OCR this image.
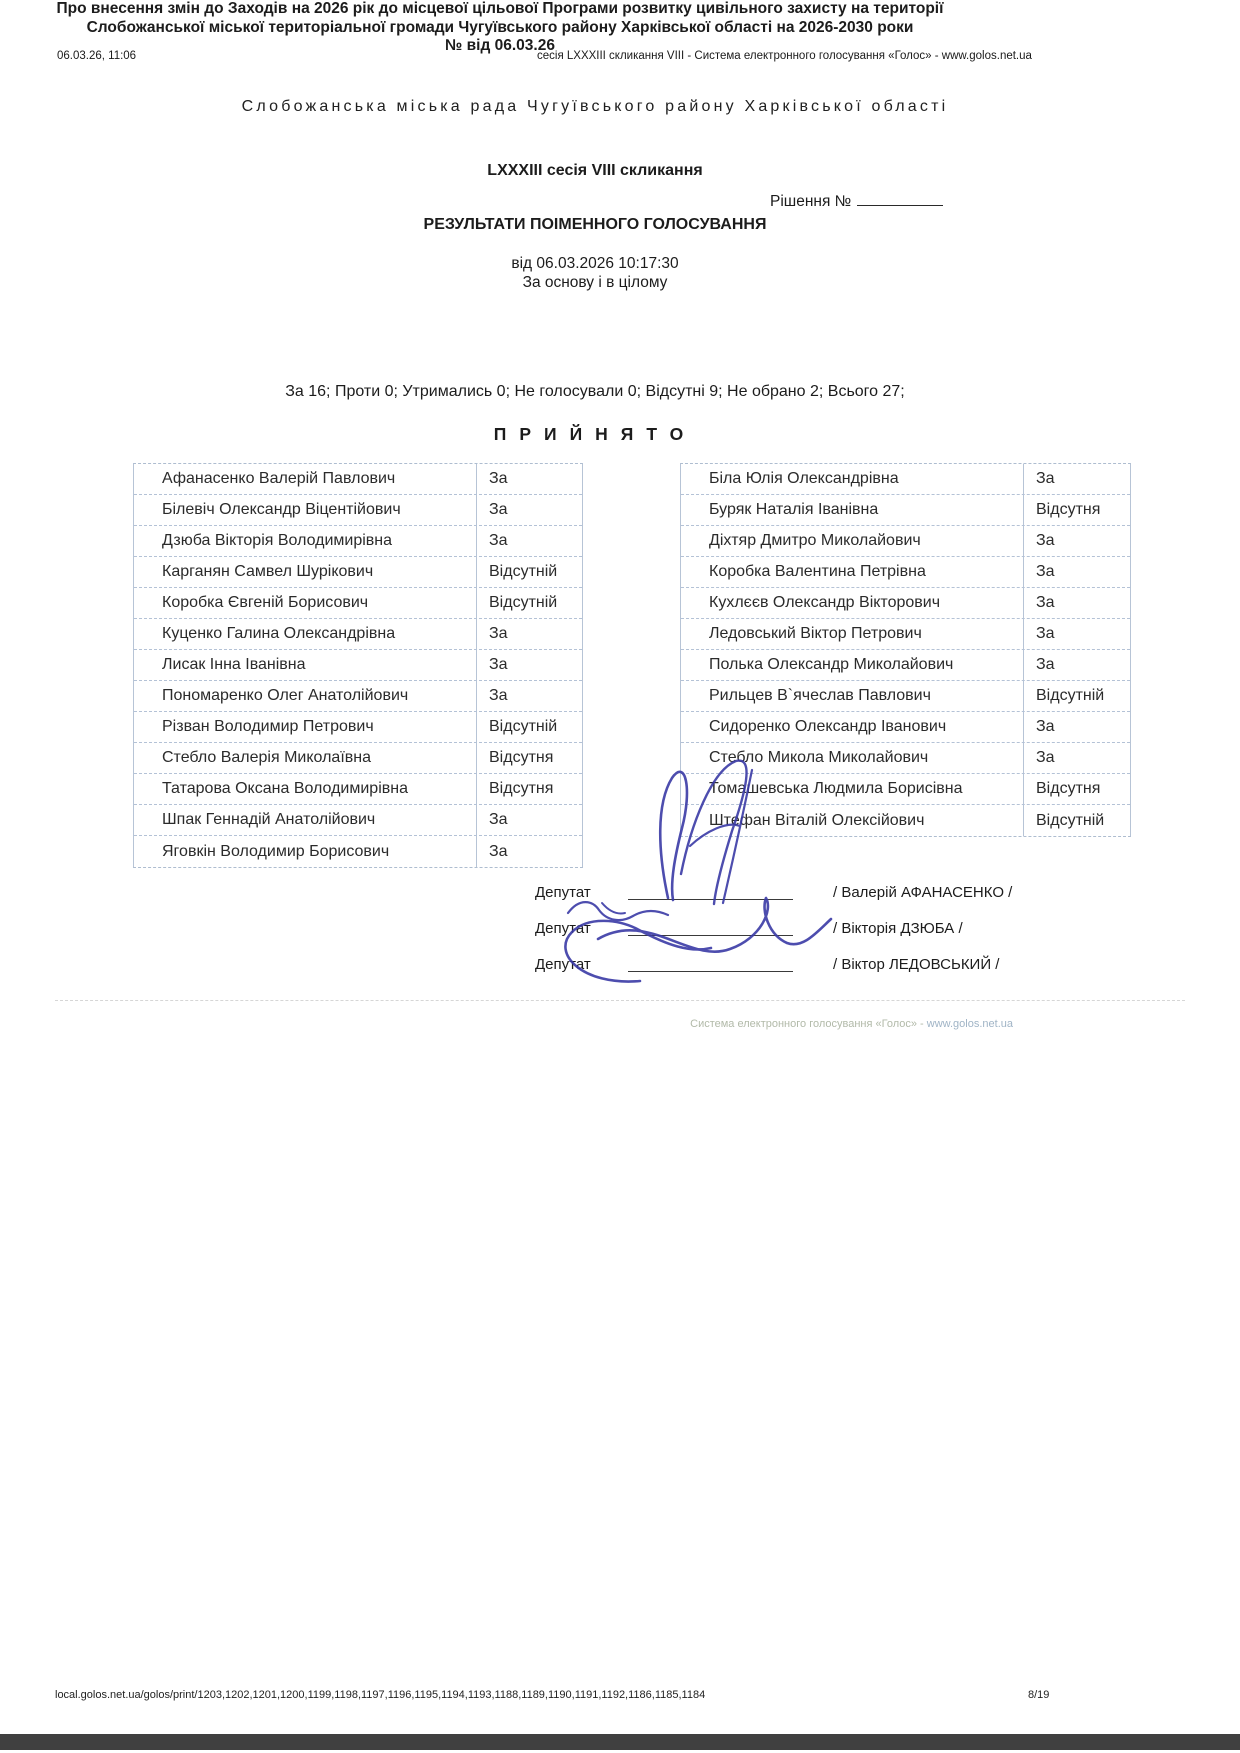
06.03.26, 11:06	сесія LXXXIII скликання VIII - Система електронного голосування «Голос» - www.golos.net.ua
Слобожанська міська рада Чугуївського району Харківської області
LXXXIII сесія VIII скликання
Рішення №
РЕЗУЛЬТАТИ ПОІМЕННОГО ГОЛОСУВАННЯ
від 06.03.2026 10:17:30
За основу і в цілому
Про внесення змін до Заходів на 2026 рік до місцевої цільової Програми розвитку цивільного захисту на території Слобожанської міської територіальної громади Чугуївського району Харківської області на 2026-2030 роки
№ від 06.03.26
За 16; Проти 0; Утримались 0; Не голосували 0; Відсутні 9; Не обрано 2; Всього 27;
ПРИЙНЯТО
Афанасенко Валерій Павлович	За
Білевіч Олександр Віцентійович	За
Дзюба Вікторія Володимирівна	За
Карганян Самвел Шурікович	Відсутній
Коробка Євгеній Борисович	Відсутній
Куценко Галина Олександрівна	За
Лисак Інна Іванівна	За
Пономаренко Олег Анатолійович	За
Різван Володимир Петрович	Відсутній
Стебло Валерія Миколаївна	Відсутня
Татарова Оксана Володимирівна	Відсутня
Шпак Геннадій Анатолійович	За
Яговкін Володимир Борисович	За
Біла Юлія Олександрівна	За
Буряк Наталія Іванівна	Відсутня
Діхтяр Дмитро Миколайович	За
Коробка Валентина Петрівна	За
Кухлєєв Олександр Вікторович	За
Ледовський Віктор Петрович	За
Полька Олександр Миколайович	За
Рильцев В`ячеслав Павлович	Відсутній
Сидоренко Олександр Іванович	За
Стебло Микола Миколайович	За
Томашевська Людмила Борисівна	Відсутня
Штефан Віталій Олексійович	Відсутній
Депутат	/ Валерій АФАНАСЕНКО /
Депутат	/ Вікторія ДЗЮБА /
Депутат	/ Віктор ЛЕДОВСЬКИЙ /
Система електронного голосування «Голос» - www.golos.net.ua
local.golos.net.ua/golos/print/1203,1202,1201,1200,1199,1198,1197,1196,1195,1194,1193,1188,1189,1190,1191,1192,1186,1185,1184	8/19
